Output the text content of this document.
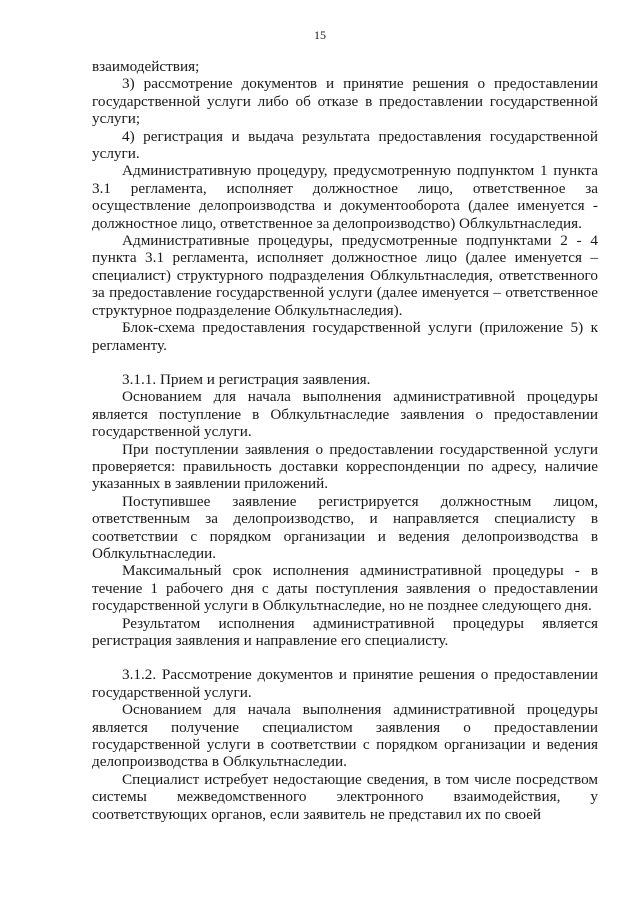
15

взаимодействия;

3) рассмотрение документов и принятие решения о предоставлении государственной услуги либо об отказе в предоставлении государственной услуги;

4) регистрация и выдача результата предоставления государственной услуги.

Административную процедуру, предусмотренную подпунктом 1 пункта 3.1 регламента, исполняет должностное лицо, ответственное за осуществление делопроизводства и документооборота (далее именуется - должностное лицо, ответственное за делопроизводство) Облкультнаследия.

Административные процедуры, предусмотренные подпунктами 2 - 4 пункта 3.1 регламента, исполняет должностное лицо (далее именуется – специалист) структурного подразделения Облкультнаследия, ответственного за предоставление государственной услуги (далее именуется – ответственное структурное подразделение Облкультнаследия).

Блок-схема предоставления государственной услуги (приложение 5) к регламенту.

3.1.1. Прием и регистрация заявления.

Основанием для начала выполнения административной процедуры является поступление в Облкультнаследие заявления о предоставлении государственной услуги.

При поступлении заявления о предоставлении государственной услуги проверяется: правильность доставки корреспонденции по адресу, наличие указанных в заявлении приложений.

Поступившее заявление регистрируется должностным лицом, ответственным за делопроизводство, и направляется специалисту в соответствии с порядком организации и ведения делопроизводства в Облкультнаследии.

Максимальный срок исполнения административной процедуры - в течение 1 рабочего дня с даты поступления заявления о предоставлении государственной услуги в Облкультнаследие, но не позднее следующего дня.

Результатом исполнения административной процедуры является регистрация заявления и направление его специалисту.

3.1.2. Рассмотрение документов и принятие решения о предоставлении государственной услуги.

Основанием для начала выполнения административной процедуры является получение специалистом заявления о предоставлении государственной услуги в соответствии с порядком организации и ведения делопроизводства в Облкультнаследии.

Специалист истребует недостающие сведения, в том числе посредством системы межведомственного электронного взаимодействия, у соответствующих органов, если заявитель не представил их по своей
